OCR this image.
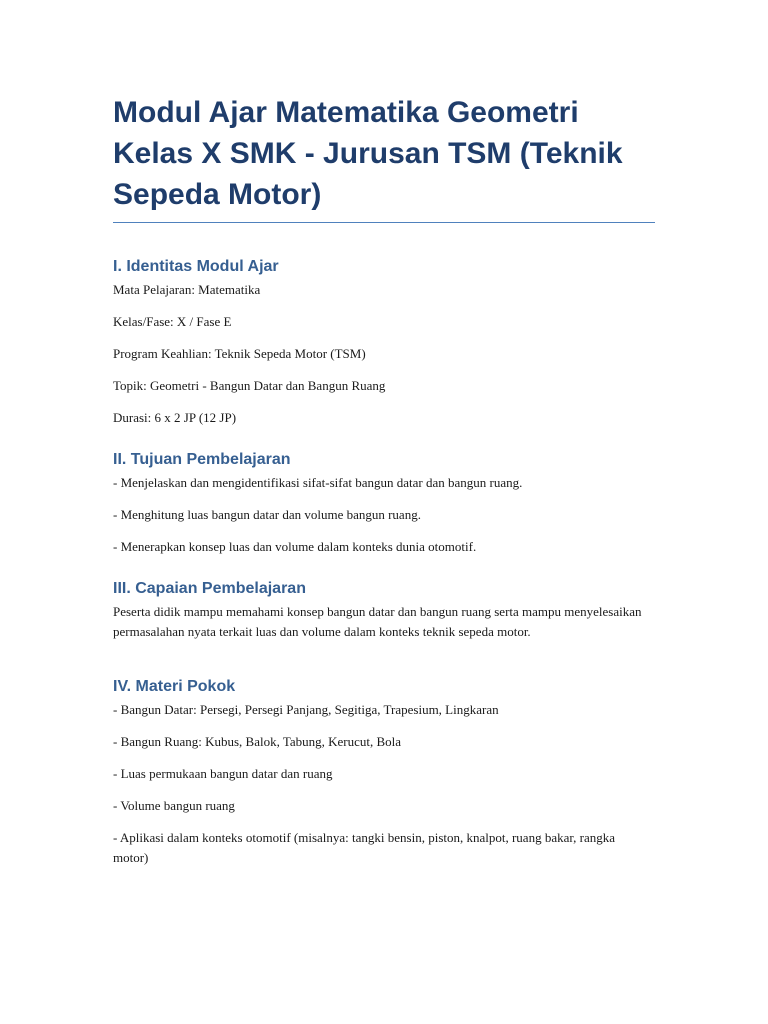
Modul Ajar Matematika Geometri Kelas X SMK - Jurusan TSM (Teknik Sepeda Motor)
I. Identitas Modul Ajar

Mata Pelajaran: Matematika

Kelas/Fase: X / Fase E

Program Keahlian: Teknik Sepeda Motor (TSM)

Topik: Geometri - Bangun Datar dan Bangun Ruang

Durasi: 6 x 2 JP (12 JP)

II. Tujuan Pembelajaran

- Menjelaskan dan mengidentifikasi sifat-sifat bangun datar dan bangun ruang.

- Menghitung luas bangun datar dan volume bangun ruang.

- Menerapkan konsep luas dan volume dalam konteks dunia otomotif.

III. Capaian Pembelajaran

Peserta didik mampu memahami konsep bangun datar dan bangun ruang serta mampu menyelesaikan permasalahan nyata terkait luas dan volume dalam konteks teknik sepeda motor.

IV. Materi Pokok

- Bangun Datar: Persegi, Persegi Panjang, Segitiga, Trapesium, Lingkaran

- Bangun Ruang: Kubus, Balok, Tabung, Kerucut, Bola

- Luas permukaan bangun datar dan ruang

- Volume bangun ruang

- Aplikasi dalam konteks otomotif (misalnya: tangki bensin, piston, knalpot, ruang bakar, rangka motor)
